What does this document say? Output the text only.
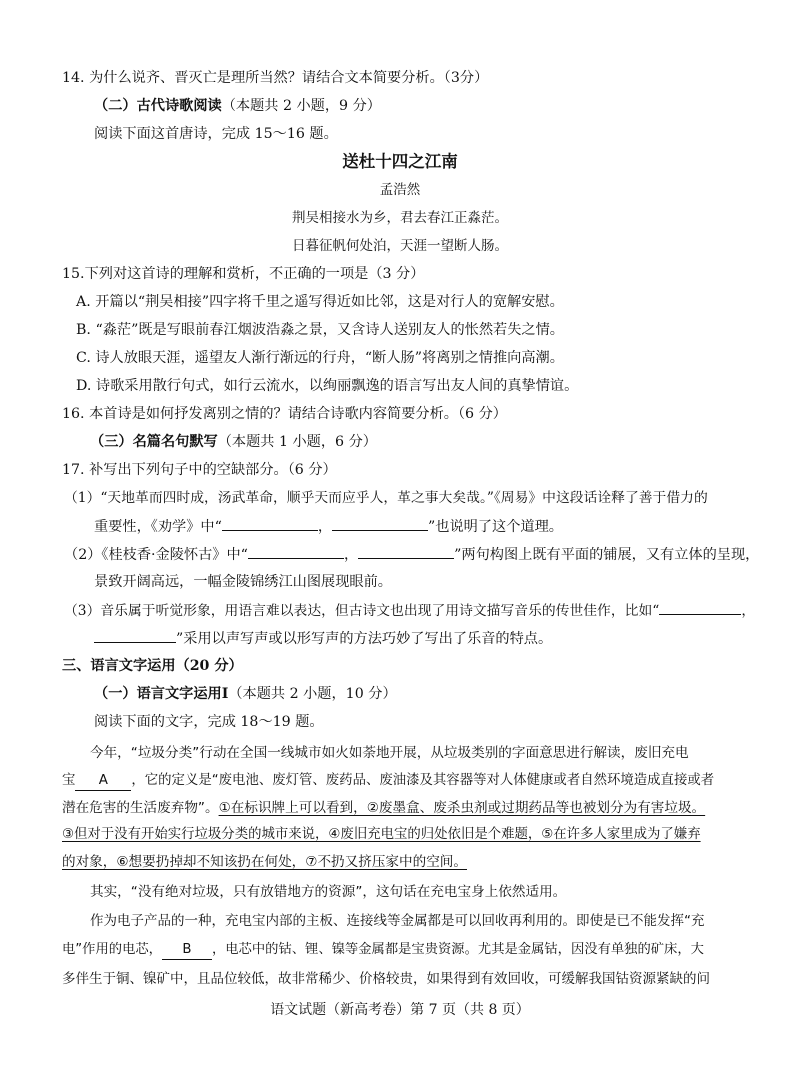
14. 为什么说齐、晋灭亡是理所当然？请结合文本简要分析。（3分）
（二）古代诗歌阅读（本题共 2 小题，9 分）
阅读下面这首唐诗，完成 15～16 题。
送杜十四之江南
孟浩然
荆吴相接水为乡，君去春江正淼茫。
日暮征帆何处泊，天涯一望断人肠。
15.下列对这首诗的理解和赏析，不正确的一项是（3 分）
A. 开篇以“荆吴相接”四字将千里之遥写得近如比邻，这是对行人的宽解安慰。
B. “淼茫”既是写眼前春江烟波浩淼之景，又含诗人送别友人的怅然若失之情。
C. 诗人放眼天涯，遥望友人渐行渐远的行舟，“断人肠”将离别之情推向高潮。
D. 诗歌采用散行句式，如行云流水，以绚丽飘逸的语言写出友人间的真挚情谊。
16. 本首诗是如何抒发离别之情的？请结合诗歌内容简要分析。（6 分）
（三）名篇名句默写（本题共 1 小题，6 分）
17. 补写出下列句子中的空缺部分。（6 分）
（1）“天地革而四时成，汤武革命，顺乎天而应乎人，革之事大矣哉。”《周易》中这段话诠释了善于借力的
重要性，《劝学》中“	，	”也说明了这个道理。
（2）《桂枝香·金陵怀古》中“	，	”两句构图上既有平面的铺展，又有立体的呈现，
景致开阔高远，一幅金陵锦绣江山图展现眼前。
（3）音乐属于听觉形象，用语言难以表达，但古诗文也出现了用诗文描写音乐的传世佳作，比如“	，
”采用以声写声或以形写声的方法巧妙了写出了乐音的特点。
三、语言文字运用（20 分）
（一）语言文字运用Ⅰ（本题共 2 小题，10 分）
阅读下面的文字，完成 18～19 题。
今年，“垃圾分类”行动在全国一线城市如火如荼地开展，从垃圾类别的字面意思进行解读，废旧充电
宝 A ，它的定义是“废电池、废灯管、废药品、废油漆及其容器等对人体健康或者自然环境造成直接或者
潜在危害的生活废弃物”。①在标识牌上可以看到，②废墨盒、废杀虫剂或过期药品等也被划分为有害垃圾。
③但对于没有开始实行垃圾分类的城市来说，④废旧充电宝的归处依旧是个难题，⑤在许多人家里成为了嫌弃
的对象，⑥想要扔掉却不知该扔在何处，⑦不扔又挤压家中的空间。
其实，“没有绝对垃圾，只有放错地方的资源”，这句话在充电宝身上依然适用。
作为电子产品的一种，充电宝内部的主板、连接线等金属都是可以回收再利用的。即使是已不能发挥“充
电”作用的电芯， B ，电芯中的钴、锂、镍等金属都是宝贵资源。尤其是金属钴，因没有单独的矿床，大
多伴生于铜、镍矿中，且品位较低，故非常稀少、价格较贵，如果得到有效回收，可缓解我国钴资源紧缺的问
语文试题（新高考卷）第 7 页（共 8 页）
